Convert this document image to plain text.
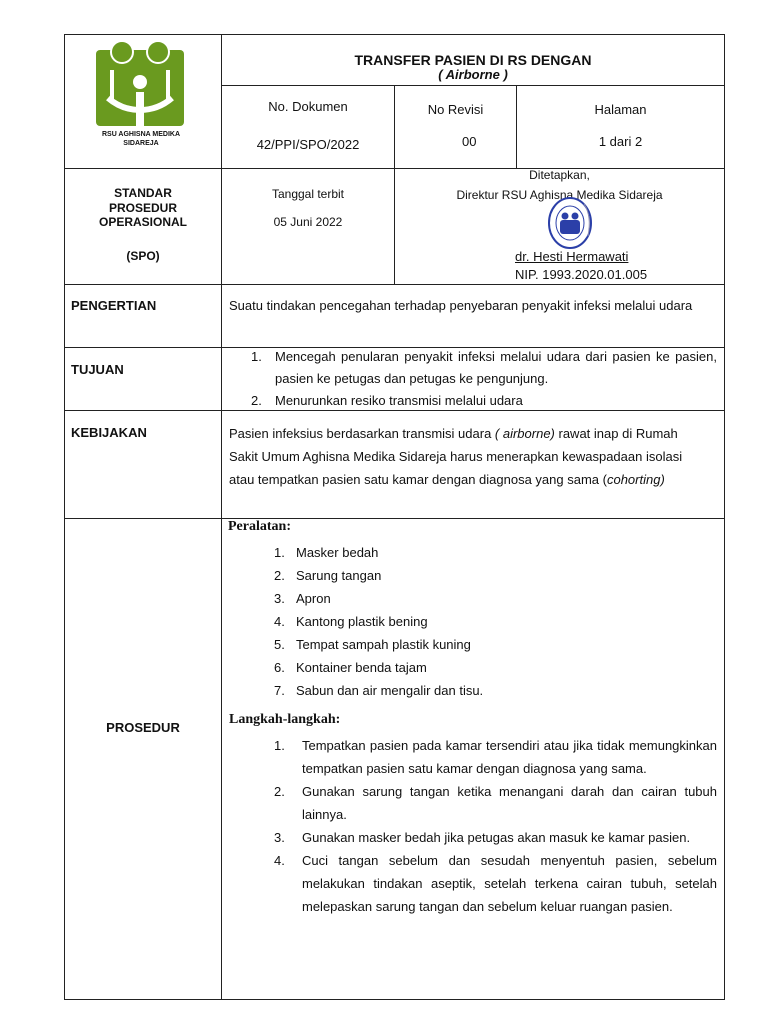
RSU AGHISNA MEDIKA
SIDAREJA
TRANSFER PASIEN DI RS DENGAN
( Airborne )
No. Dokumen
42/PPI/SPO/2022
No Revisi
00
Halaman
1 dari 2
STANDAR
PROSEDUR
OPERASIONAL
(SPO)
Tanggal terbit
05 Juni 2022
Ditetapkan,
Direktur RSU Aghisna Medika Sidareja
dr. Hesti Hermawati
NIP. 1993.2020.01.005
PENGERTIAN	Suatu tindakan pencegahan terhadap penyebaran penyakit infeksi melalui udara
TUJUAN
1.	Mencegah penularan penyakit infeksi melalui udara dari pasien ke pasien, pasien ke petugas dan petugas ke pengunjung.
2.	Menurunkan resiko transmisi melalui udara
KEBIJAKAN	Pasien infeksius berdasarkan transmisi udara ( airborne) rawat inap di Rumah Sakit Umum Aghisna Medika Sidareja harus menerapkan kewaspadaan isolasi atau tempatkan pasien satu kamar dengan diagnosa yang sama (cohorting)
PROSEDUR
Peralatan:
1. Masker bedah
2. Sarung tangan
3. Apron
4. Kantong plastik bening
5. Tempat sampah plastik kuning
6. Kontainer benda tajam
7. Sabun dan air mengalir dan tisu.
Langkah-langkah:
1.	Tempatkan pasien pada kamar tersendiri atau jika tidak memungkinkan tempatkan pasien satu kamar dengan diagnosa yang sama.
2.	Gunakan sarung tangan ketika menangani darah dan cairan tubuh lainnya.
3.	Gunakan masker bedah jika petugas akan masuk ke kamar pasien.
4.	Cuci tangan sebelum dan sesudah menyentuh pasien, sebelum melakukan tindakan aseptik, setelah terkena cairan tubuh, setelah melepaskan sarung tangan dan sebelum keluar ruangan pasien.
